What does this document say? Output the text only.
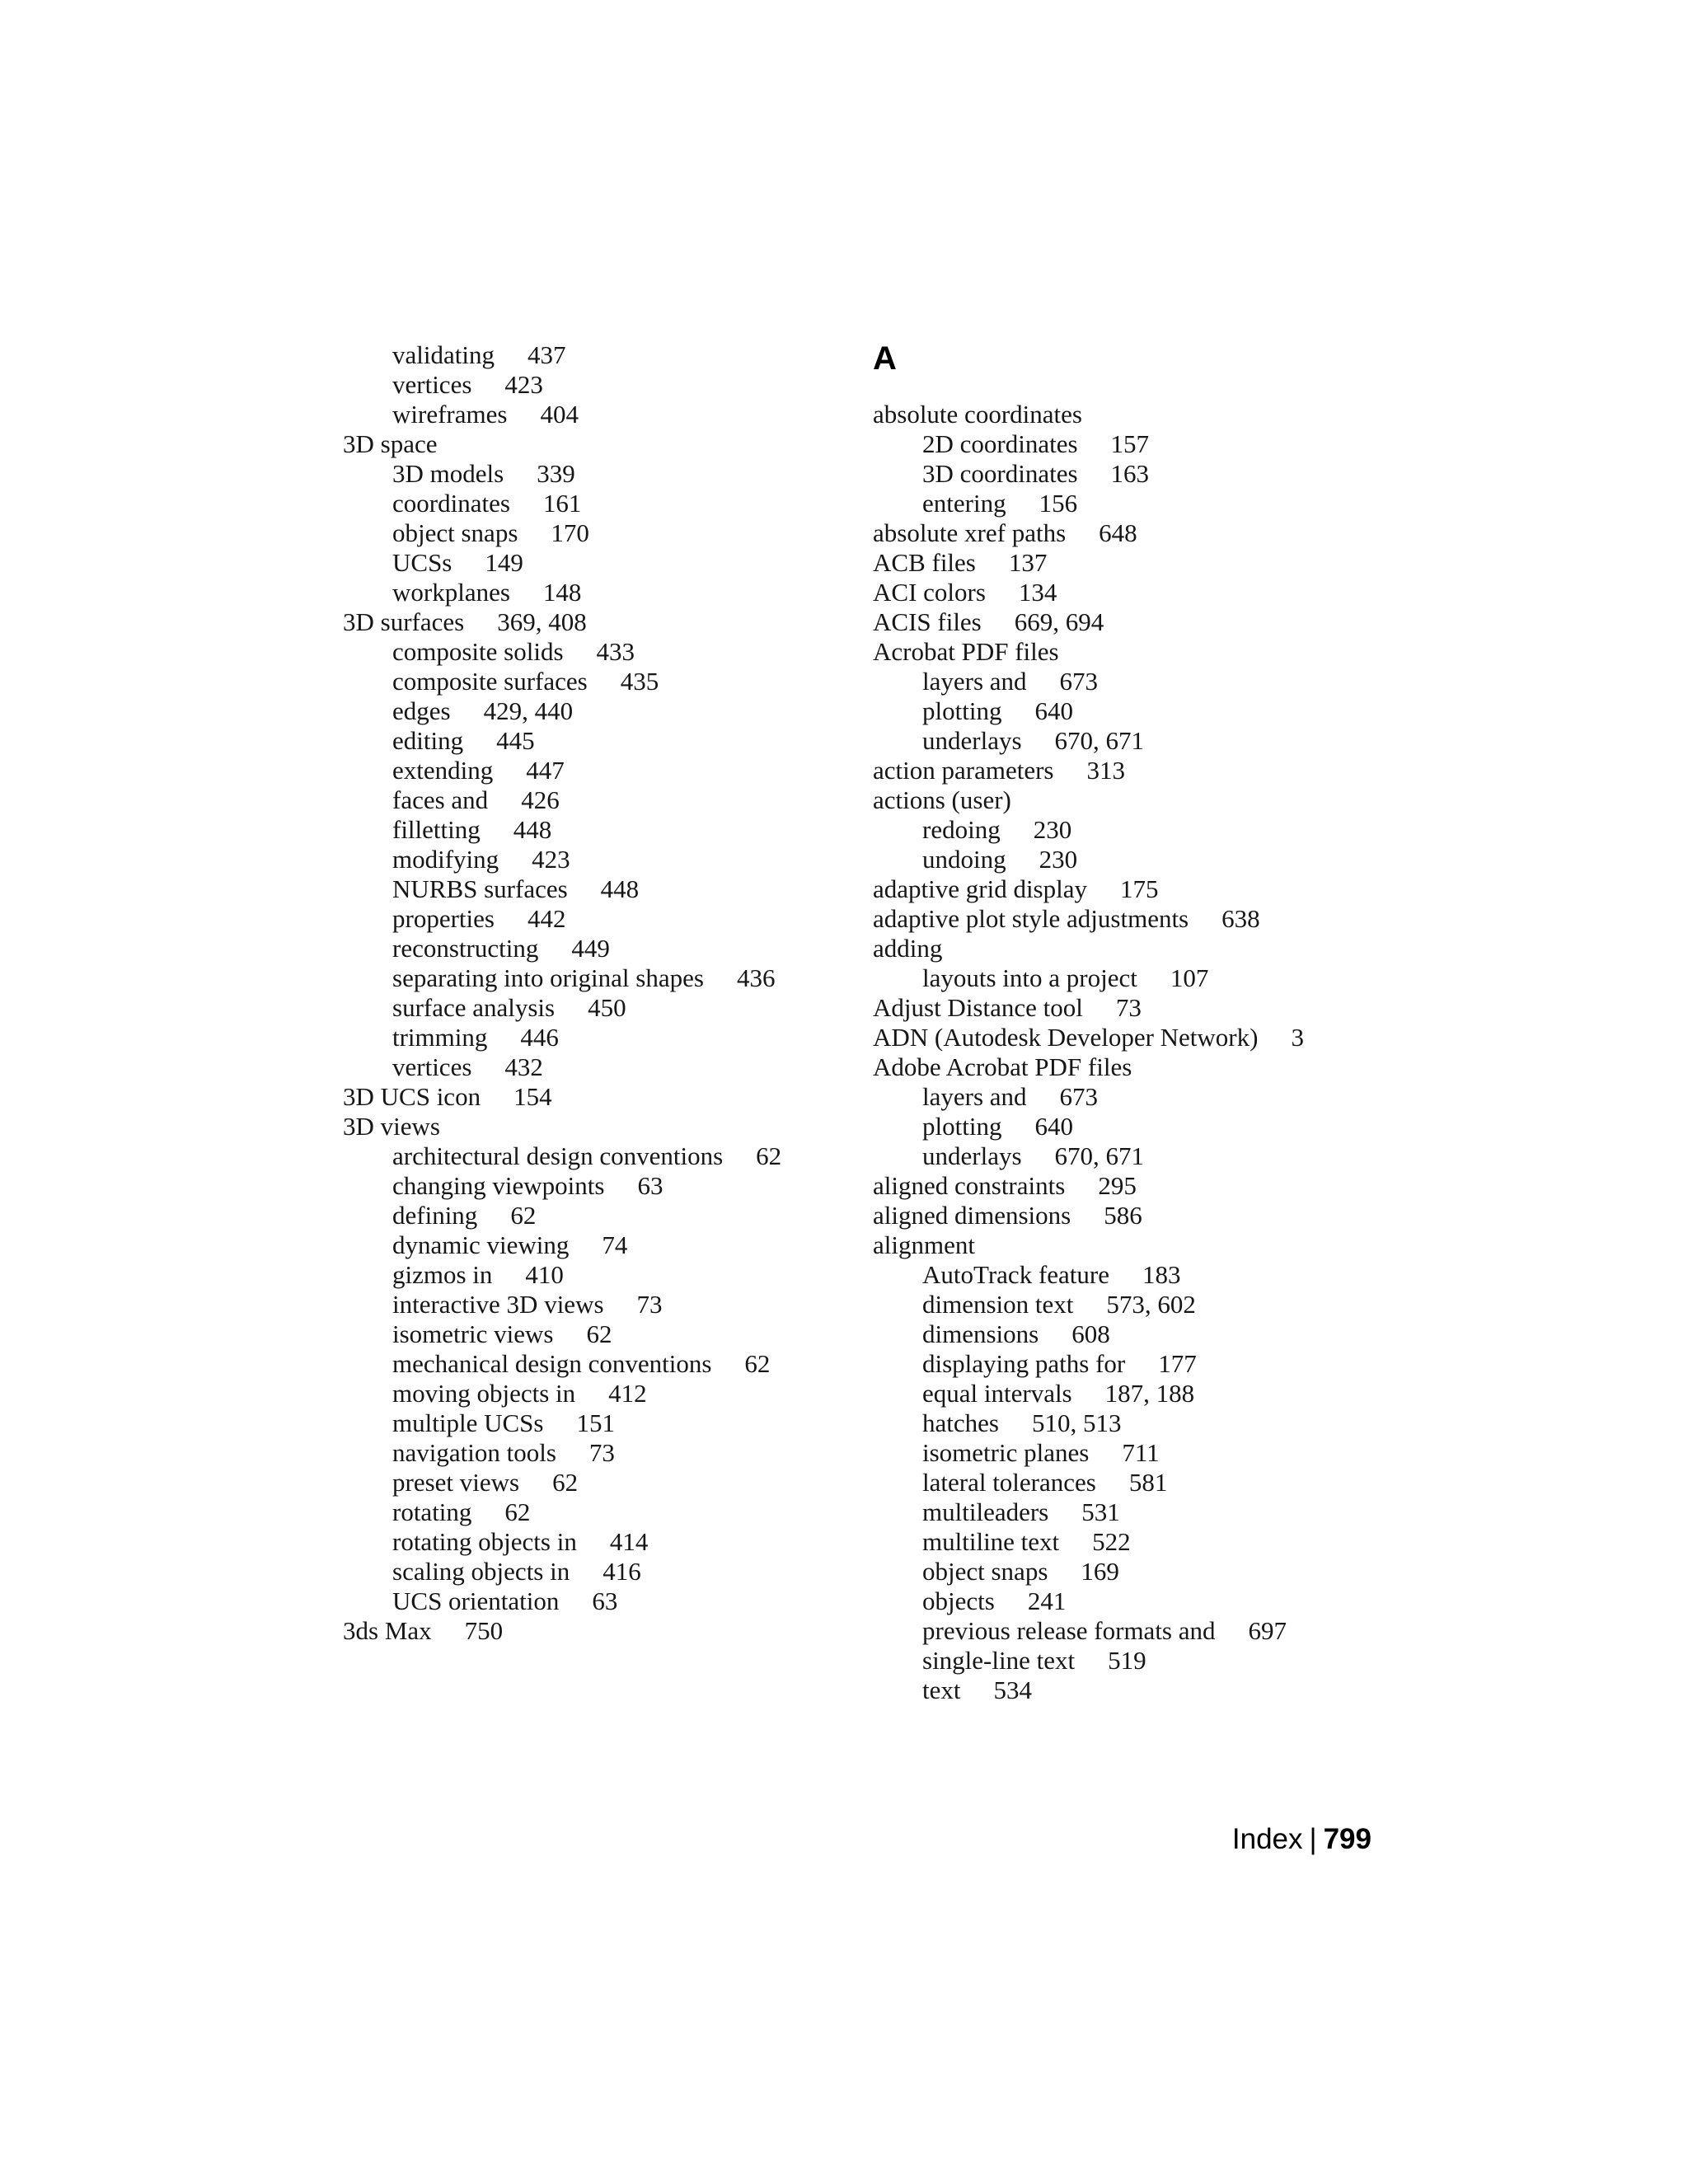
validating 437
vertices 423
wireframes 404
3D space
3D models 339
coordinates 161
object snaps 170
UCSs 149
workplanes 148
3D surfaces 369, 408
composite solids 433
composite surfaces 435
edges 429, 440
editing 445
extending 447
faces and 426
filletting 448
modifying 423
NURBS surfaces 448
properties 442
reconstructing 449
separating into original shapes 436
surface analysis 450
trimming 446
vertices 432
3D UCS icon 154
3D views
architectural design conventions 62
changing viewpoints 63
defining 62
dynamic viewing 74
gizmos in 410
interactive 3D views 73
isometric views 62
mechanical design conventions 62
moving objects in 412
multiple UCSs 151
navigation tools 73
preset views 62
rotating 62
rotating objects in 414
scaling objects in 416
UCS orientation 63
3ds Max 750
A
absolute coordinates
2D coordinates 157
3D coordinates 163
entering 156
absolute xref paths 648
ACB files 137
ACI colors 134
ACIS files 669, 694
Acrobat PDF files
layers and 673
plotting 640
underlays 670, 671
action parameters 313
actions (user)
redoing 230
undoing 230
adaptive grid display 175
adaptive plot style adjustments 638
adding
layouts into a project 107
Adjust Distance tool 73
ADN (Autodesk Developer Network) 3
Adobe Acrobat PDF files
layers and 673
plotting 640
underlays 670, 671
aligned constraints 295
aligned dimensions 586
alignment
AutoTrack feature 183
dimension text 573, 602
dimensions 608
displaying paths for 177
equal intervals 187, 188
hatches 510, 513
isometric planes 711
lateral tolerances 581
multileaders 531
multiline text 522
object snaps 169
objects 241
previous release formats and 697
single-line text 519
text 534
Index | 799
